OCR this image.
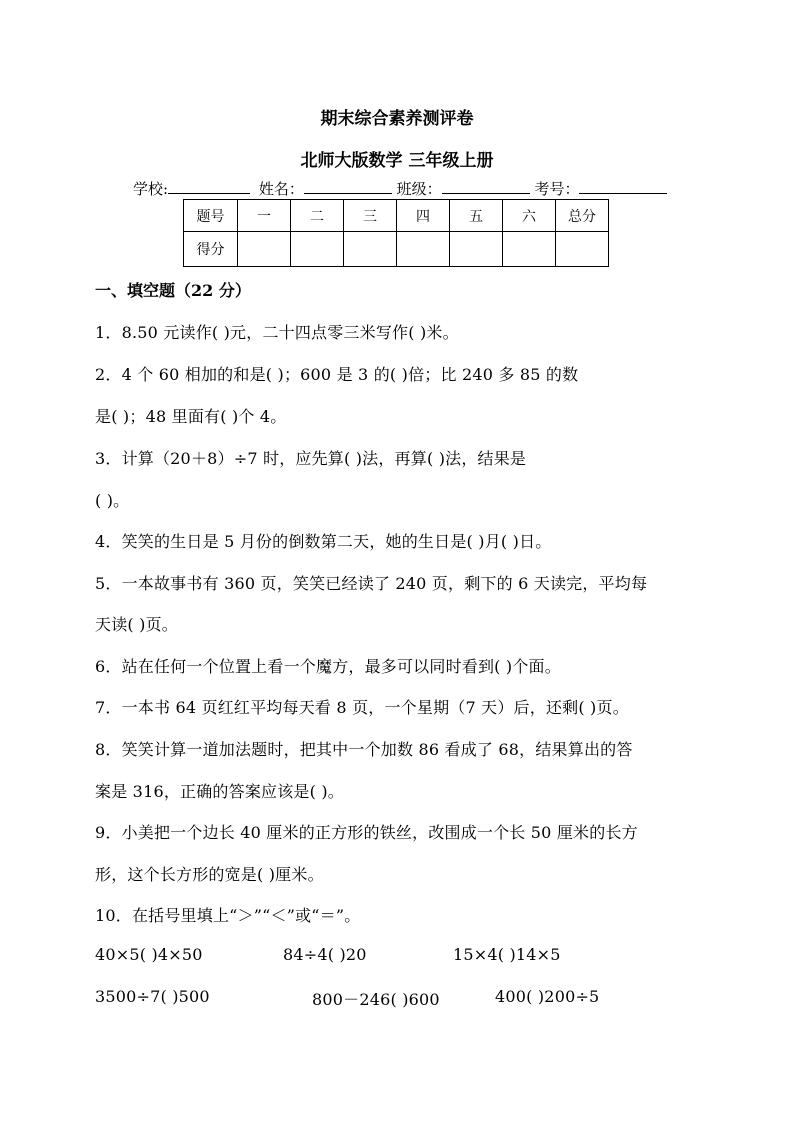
期末综合素养测评卷
北师大版数学 三年级上册
学校:	姓名：	班级：	考号：
题号	一	二	三	四	五	六	总分
得分							
一、填空题（22 分）
1．8.50 元读作( )元，二十四点零三米写作( )米。
2．4 个 60 相加的和是( )；600 是 3 的( )倍；比 240 多 85 的数
是( )；48 里面有( )个 4。
3．计算（20＋8）÷7 时，应先算( )法，再算( )法，结果是
( )。
4．笑笑的生日是 5 月份的倒数第二天，她的生日是( )月( )日。
5．一本故事书有 360 页，笑笑已经读了 240 页，剩下的 6 天读完，平均每
天读( )页。
6．站在任何一个位置上看一个魔方，最多可以同时看到( )个面。
7．一本书 64 页红红平均每天看 8 页，一个星期（7 天）后，还剩( )页。
8．笑笑计算一道加法题时，把其中一个加数 86 看成了 68，结果算出的答
案是 316，正确的答案应该是( )。
9．小美把一个边长 40 厘米的正方形的铁丝，改围成一个长 50 厘米的长方
形，这个长方形的宽是( )厘米。
10．在括号里填上“＞”“＜”或“＝”。
40×5( )4×50	84÷4( )20	15×4( )14×5
3500÷7( )500	800－246( )600	400( )200÷5
